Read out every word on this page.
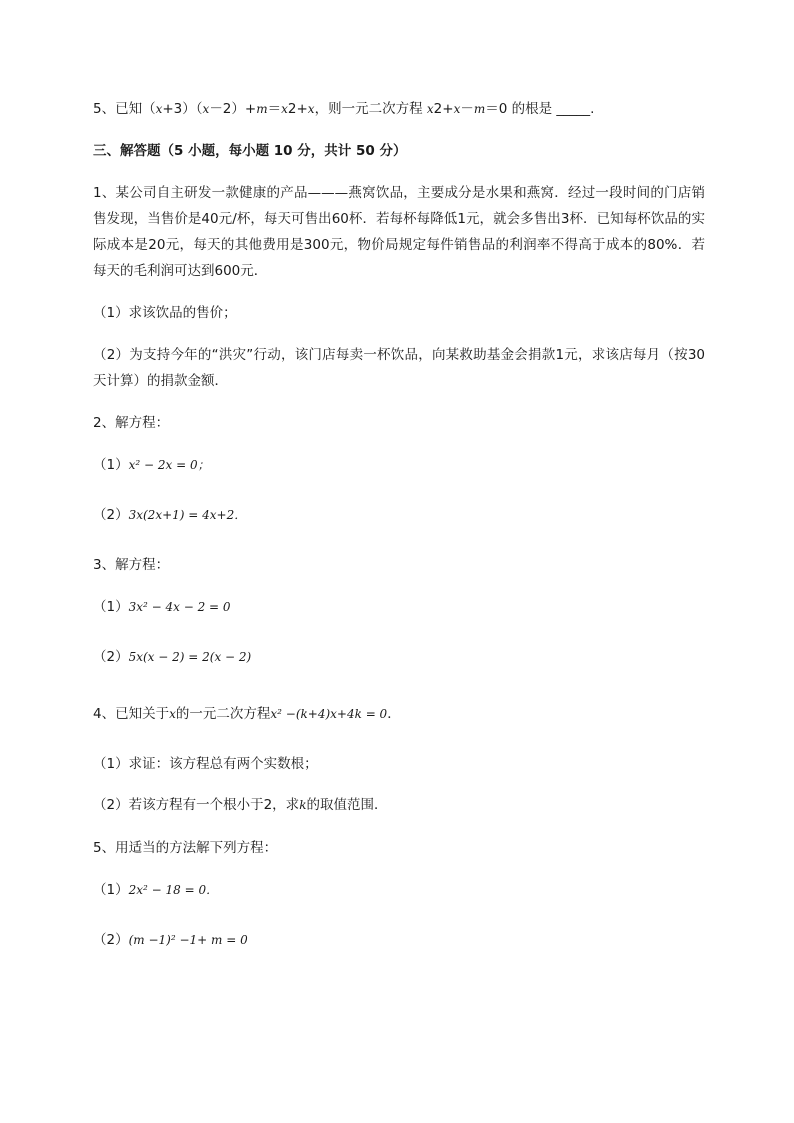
5、已知（x+3）（x－2）+m＝x2+x，则一元二次方程 x2+x－m＝0 的根是 _____.
三、解答题（5 小题，每小题 10 分，共计 50 分）
1、某公司自主研发一款健康的产品———燕窝饮品，主要成分是水果和燕窝．经过一段时间的门店销售发现，当售价是40元/杯，每天可售出60杯．若每杯每降低1元，就会多售出3杯．已知每杯饮品的实际成本是20元，每天的其他费用是300元，物价局规定每件销售品的利润率不得高于成本的80%．若每天的毛利润可达到600元．
（1）求该饮品的售价；
（2）为支持今年的“洪灾”行动，该门店每卖一杯饮品，向某救助基金会捐款1元，求该店每月（按30天计算）的捐款金额．
2、解方程：
（1）x² − 2x = 0；
（2）3x(2x+1) = 4x+2．
3、解方程：
（1）3x² − 4x − 2 = 0
（2）5x(x − 2) = 2(x − 2)
4、已知关于x的一元二次方程x² −(k+4)x+4k = 0．
（1）求证：该方程总有两个实数根；
（2）若该方程有一个根小于2，求k的取值范围．
5、用适当的方法解下列方程：
（1）2x² − 18 = 0．
（2）(m −1)² −1+ m = 0
